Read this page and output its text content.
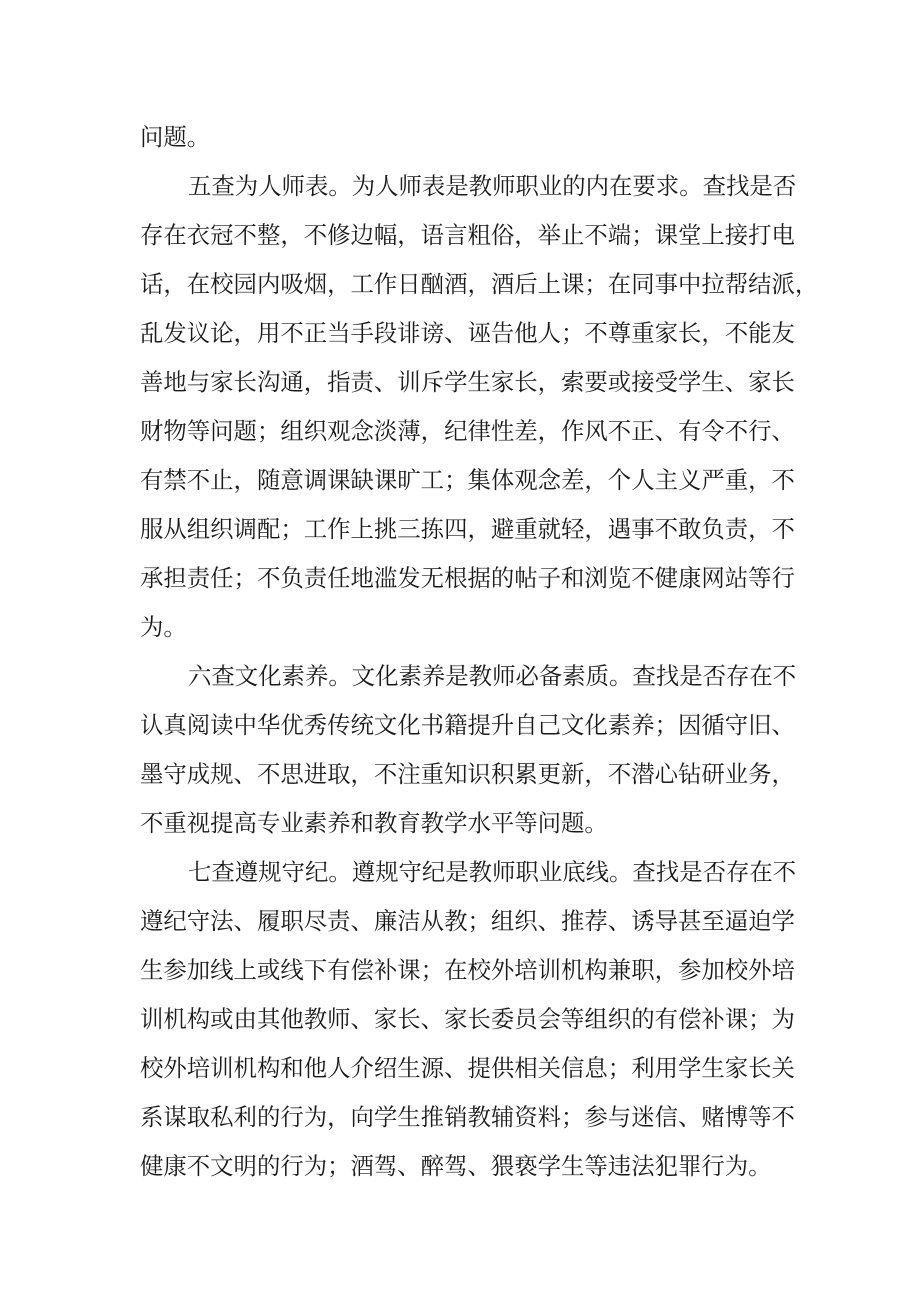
问题。
五查为人师表。为人师表是教师职业的内在要求。查找是否
存在衣冠不整，不修边幅，语言粗俗，举止不端；课堂上接打电
话，在校园内吸烟，工作日酗酒，酒后上课；在同事中拉帮结派，
乱发议论，用不正当手段诽谤、诬告他人；不尊重家长，不能友
善地与家长沟通，指责、训斥学生家长，索要或接受学生、家长
财物等问题；组织观念淡薄，纪律性差，作风不正、有令不行、
有禁不止，随意调课缺课旷工；集体观念差，个人主义严重，不
服从组织调配；工作上挑三拣四，避重就轻，遇事不敢负责，不
承担责任；不负责任地滥发无根据的帖子和浏览不健康网站等行
为。
六查文化素养。文化素养是教师必备素质。查找是否存在不
认真阅读中华优秀传统文化书籍提升自己文化素养；因循守旧、
墨守成规、不思进取，不注重知识积累更新，不潜心钻研业务，
不重视提高专业素养和教育教学水平等问题。
七查遵规守纪。遵规守纪是教师职业底线。查找是否存在不
遵纪守法、履职尽责、廉洁从教；组织、推荐、诱导甚至逼迫学
生参加线上或线下有偿补课；在校外培训机构兼职，参加校外培
训机构或由其他教师、家长、家长委员会等组织的有偿补课；为
校外培训机构和他人介绍生源、提供相关信息；利用学生家长关
系谋取私利的行为，向学生推销教辅资料；参与迷信、赌博等不
健康不文明的行为；酒驾、醉驾、猥亵学生等违法犯罪行为。
